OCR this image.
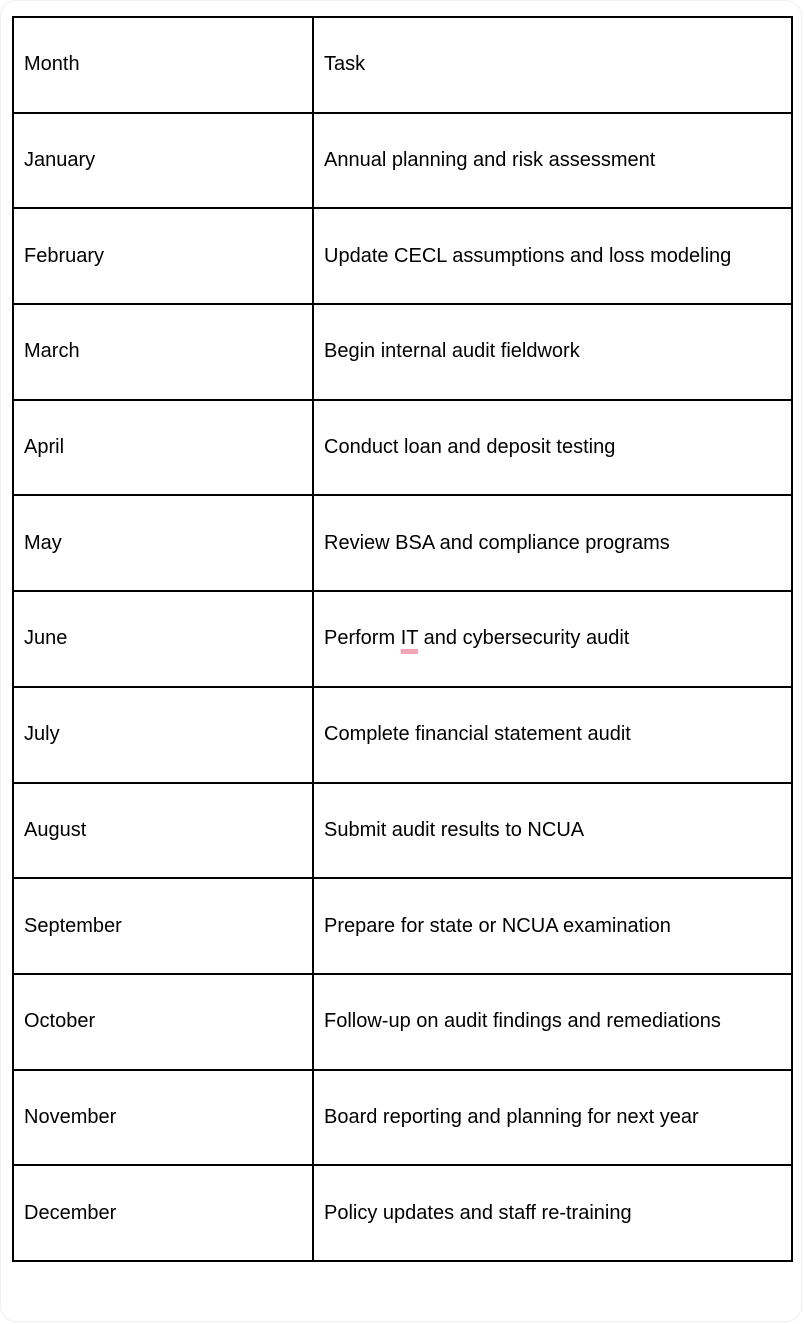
Month	Task
January	Annual planning and risk assessment
February	Update CECL assumptions and loss modeling
March	Begin internal audit fieldwork
April	Conduct loan and deposit testing
May	Review BSA and compliance programs
June	Perform IT and cybersecurity audit
July	Complete financial statement audit
August	Submit audit results to NCUA
September	Prepare for state or NCUA examination
October	Follow-up on audit findings and remediations
November	Board reporting and planning for next year
December	Policy updates and staff re-training
